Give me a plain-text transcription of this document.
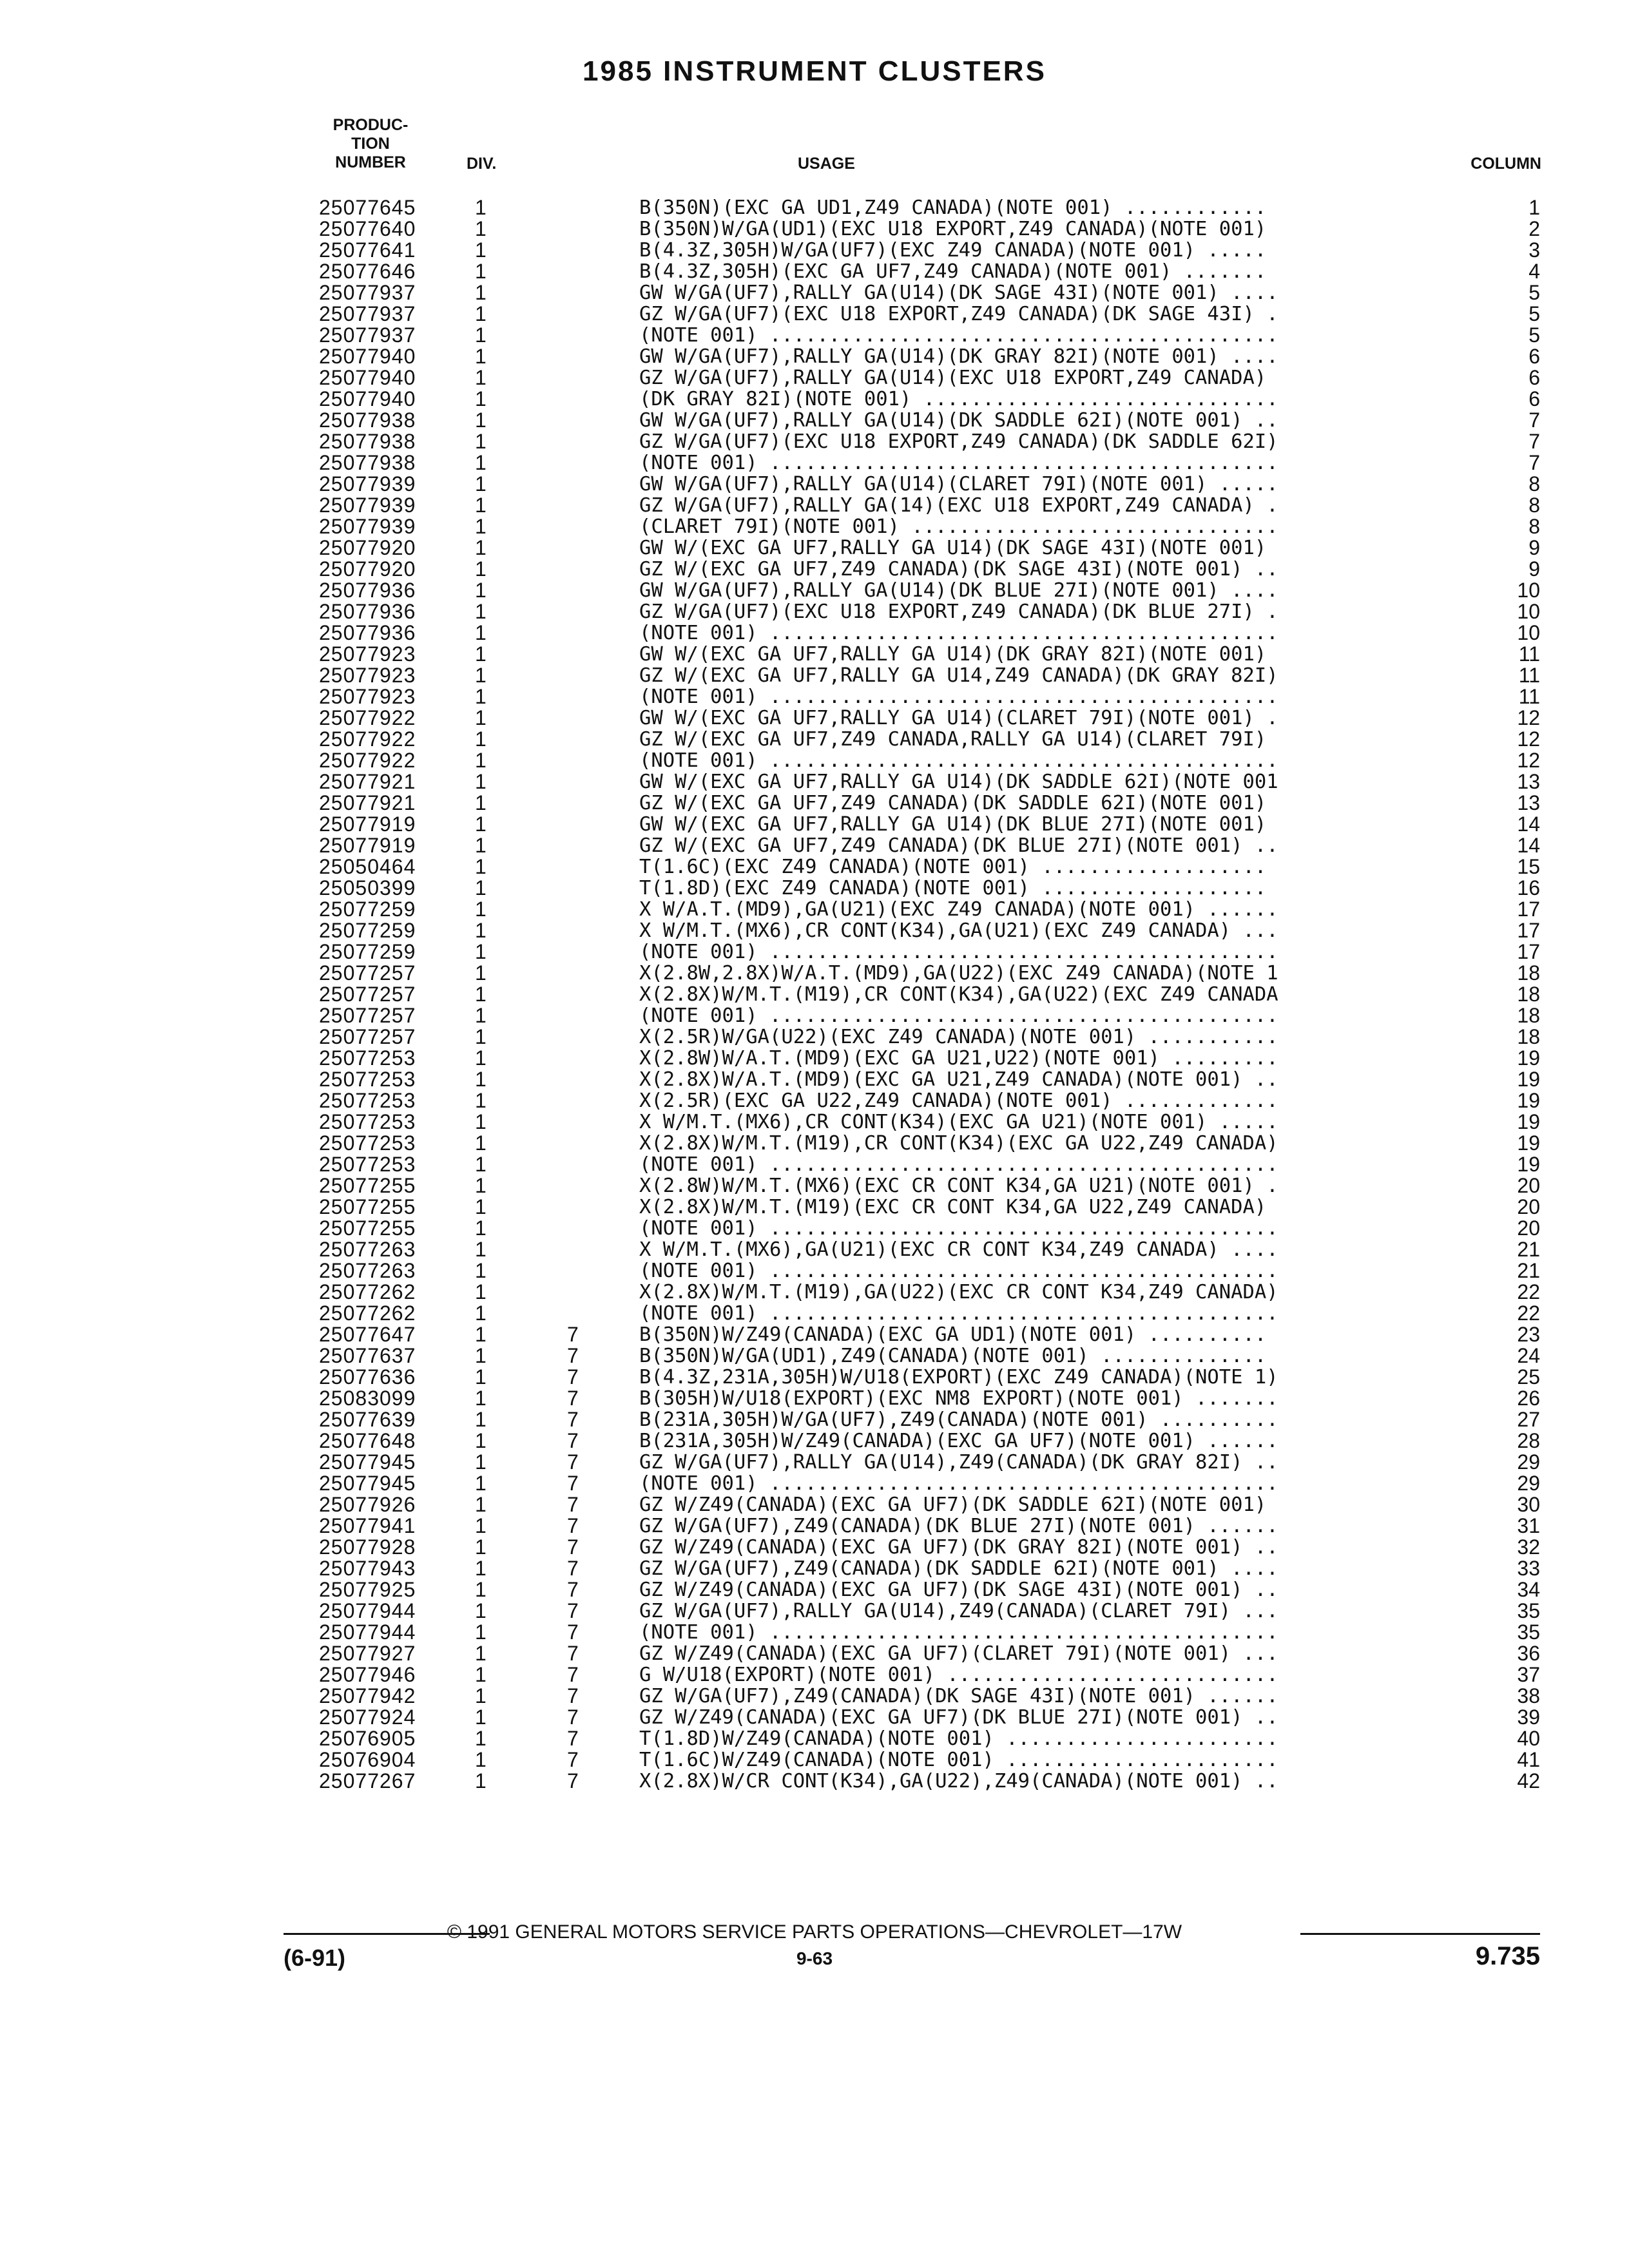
1985 INSTRUMENT CLUSTERS
PRODUC-
TION
NUMBER	DIV.	USAGE	COLUMN
25077645	1	B(350N)(EXC GA UD1,Z49 CANADA)(NOTE 001) ............	1
25077640	1	B(350N)W/GA(UD1)(EXC U18 EXPORT,Z49 CANADA)(NOTE 001)	2
25077641	1	B(4.3Z,305H)W/GA(UF7)(EXC Z49 CANADA)(NOTE 001) .....	3
25077646	1	B(4.3Z,305H)(EXC GA UF7,Z49 CANADA)(NOTE 001) .......	4
25077937	1	GW W/GA(UF7),RALLY GA(U14)(DK SAGE 43I)(NOTE 001) ....	5
25077937	1	GZ W/GA(UF7)(EXC U18 EXPORT,Z49 CANADA)(DK SAGE 43I) .	5
25077937	1	(NOTE 001) ...........................................	5
25077940	1	GW W/GA(UF7),RALLY GA(U14)(DK GRAY 82I)(NOTE 001) ....	6
25077940	1	GZ W/GA(UF7),RALLY GA(U14)(EXC U18 EXPORT,Z49 CANADA)	6
25077940	1	(DK GRAY 82I)(NOTE 001) ..............................	6
25077938	1	GW W/GA(UF7),RALLY GA(U14)(DK SADDLE 62I)(NOTE 001) ..	7
25077938	1	GZ W/GA(UF7)(EXC U18 EXPORT,Z49 CANADA)(DK SADDLE 62I)	7
25077938	1	(NOTE 001) ...........................................	7
25077939	1	GW W/GA(UF7),RALLY GA(U14)(CLARET 79I)(NOTE 001) .....	8
25077939	1	GZ W/GA(UF7),RALLY GA(14)(EXC U18 EXPORT,Z49 CANADA) .	8
25077939	1	(CLARET 79I)(NOTE 001) ...............................	8
25077920	1	GW W/(EXC GA UF7,RALLY GA U14)(DK SAGE 43I)(NOTE 001)	9
25077920	1	GZ W/(EXC GA UF7,Z49 CANADA)(DK SAGE 43I)(NOTE 001) ..	9
25077936	1	GW W/GA(UF7),RALLY GA(U14)(DK BLUE 27I)(NOTE 001) ....	10
25077936	1	GZ W/GA(UF7)(EXC U18 EXPORT,Z49 CANADA)(DK BLUE 27I) .	10
25077936	1	(NOTE 001) ...........................................	10
25077923	1	GW W/(EXC GA UF7,RALLY GA U14)(DK GRAY 82I)(NOTE 001)	11
25077923	1	GZ W/(EXC GA UF7,RALLY GA U14,Z49 CANADA)(DK GRAY 82I)	11
25077923	1	(NOTE 001) ...........................................	11
25077922	1	GW W/(EXC GA UF7,RALLY GA U14)(CLARET 79I)(NOTE 001) .	12
25077922	1	GZ W/(EXC GA UF7,Z49 CANADA,RALLY GA U14)(CLARET 79I)	12
25077922	1	(NOTE 001) ...........................................	12
25077921	1	GW W/(EXC GA UF7,RALLY GA U14)(DK SADDLE 62I)(NOTE 001	13
25077921	1	GZ W/(EXC GA UF7,Z49 CANADA)(DK SADDLE 62I)(NOTE 001)	13
25077919	1	GW W/(EXC GA UF7,RALLY GA U14)(DK BLUE 27I)(NOTE 001)	14
25077919	1	GZ W/(EXC GA UF7,Z49 CANADA)(DK BLUE 27I)(NOTE 001) ..	14
25050464	1	T(1.6C)(EXC Z49 CANADA)(NOTE 001) ...................	15
25050399	1	T(1.8D)(EXC Z49 CANADA)(NOTE 001) ...................	16
25077259	1	X W/A.T.(MD9),GA(U21)(EXC Z49 CANADA)(NOTE 001) ......	17
25077259	1	X W/M.T.(MX6),CR CONT(K34),GA(U21)(EXC Z49 CANADA) ...	17
25077259	1	(NOTE 001) ...........................................	17
25077257	1	X(2.8W,2.8X)W/A.T.(MD9),GA(U22)(EXC Z49 CANADA)(NOTE 1	18
25077257	1	X(2.8X)W/M.T.(M19),CR CONT(K34),GA(U22)(EXC Z49 CANADA	18
25077257	1	(NOTE 001) ...........................................	18
25077257	1	X(2.5R)W/GA(U22)(EXC Z49 CANADA)(NOTE 001) ...........	18
25077253	1	X(2.8W)W/A.T.(MD9)(EXC GA U21,U22)(NOTE 001) .........	19
25077253	1	X(2.8X)W/A.T.(MD9)(EXC GA U21,Z49 CANADA)(NOTE 001) ..	19
25077253	1	X(2.5R)(EXC GA U22,Z49 CANADA)(NOTE 001) .............	19
25077253	1	X W/M.T.(MX6),CR CONT(K34)(EXC GA U21)(NOTE 001) .....	19
25077253	1	X(2.8X)W/M.T.(M19),CR CONT(K34)(EXC GA U22,Z49 CANADA)	19
25077253	1	(NOTE 001) ...........................................	19
25077255	1	X(2.8W)W/M.T.(MX6)(EXC CR CONT K34,GA U21)(NOTE 001) .	20
25077255	1	X(2.8X)W/M.T.(M19)(EXC CR CONT K34,GA U22,Z49 CANADA)	20
25077255	1	(NOTE 001) ...........................................	20
25077263	1	X W/M.T.(MX6),GA(U21)(EXC CR CONT K34,Z49 CANADA) ....	21
25077263	1	(NOTE 001) ...........................................	21
25077262	1	X(2.8X)W/M.T.(M19),GA(U22)(EXC CR CONT K34,Z49 CANADA)	22
25077262	1	(NOTE 001) ...........................................	22
25077647	1	7	B(350N)W/Z49(CANADA)(EXC GA UD1)(NOTE 001) ..........	23
25077637	1	7	B(350N)W/GA(UD1),Z49(CANADA)(NOTE 001) ..............	24
25077636	1	7	B(4.3Z,231A,305H)W/U18(EXPORT)(EXC Z49 CANADA)(NOTE 1)	25
25083099	1	7	B(305H)W/U18(EXPORT)(EXC NM8 EXPORT)(NOTE 001) .......	26
25077639	1	7	B(231A,305H)W/GA(UF7),Z49(CANADA)(NOTE 001) ..........	27
25077648	1	7	B(231A,305H)W/Z49(CANADA)(EXC GA UF7)(NOTE 001) ......	28
25077945	1	7	GZ W/GA(UF7),RALLY GA(U14),Z49(CANADA)(DK GRAY 82I) ..	29
25077945	1	7	(NOTE 001) ...........................................	29
25077926	1	7	GZ W/Z49(CANADA)(EXC GA UF7)(DK SADDLE 62I)(NOTE 001)	30
25077941	1	7	GZ W/GA(UF7),Z49(CANADA)(DK BLUE 27I)(NOTE 001) ......	31
25077928	1	7	GZ W/Z49(CANADA)(EXC GA UF7)(DK GRAY 82I)(NOTE 001) ..	32
25077943	1	7	GZ W/GA(UF7),Z49(CANADA)(DK SADDLE 62I)(NOTE 001) ....	33
25077925	1	7	GZ W/Z49(CANADA)(EXC GA UF7)(DK SAGE 43I)(NOTE 001) ..	34
25077944	1	7	GZ W/GA(UF7),RALLY GA(U14),Z49(CANADA)(CLARET 79I) ...	35
25077944	1	7	(NOTE 001) ...........................................	35
25077927	1	7	GZ W/Z49(CANADA)(EXC GA UF7)(CLARET 79I)(NOTE 001) ...	36
25077946	1	7	G W/U18(EXPORT)(NOTE 001) ............................	37
25077942	1	7	GZ W/GA(UF7),Z49(CANADA)(DK SAGE 43I)(NOTE 001) ......	38
25077924	1	7	GZ W/Z49(CANADA)(EXC GA UF7)(DK BLUE 27I)(NOTE 001) ..	39
25076905	1	7	T(1.8D)W/Z49(CANADA)(NOTE 001) .......................	40
25076904	1	7	T(1.6C)W/Z49(CANADA)(NOTE 001) .......................	41
25077267	1	7	X(2.8X)W/CR CONT(K34),GA(U22),Z49(CANADA)(NOTE 001) ..	42
© 1991 GENERAL MOTORS SERVICE PARTS OPERATIONS—CHEVROLET—17W
(6-91)	9-63	9.735
